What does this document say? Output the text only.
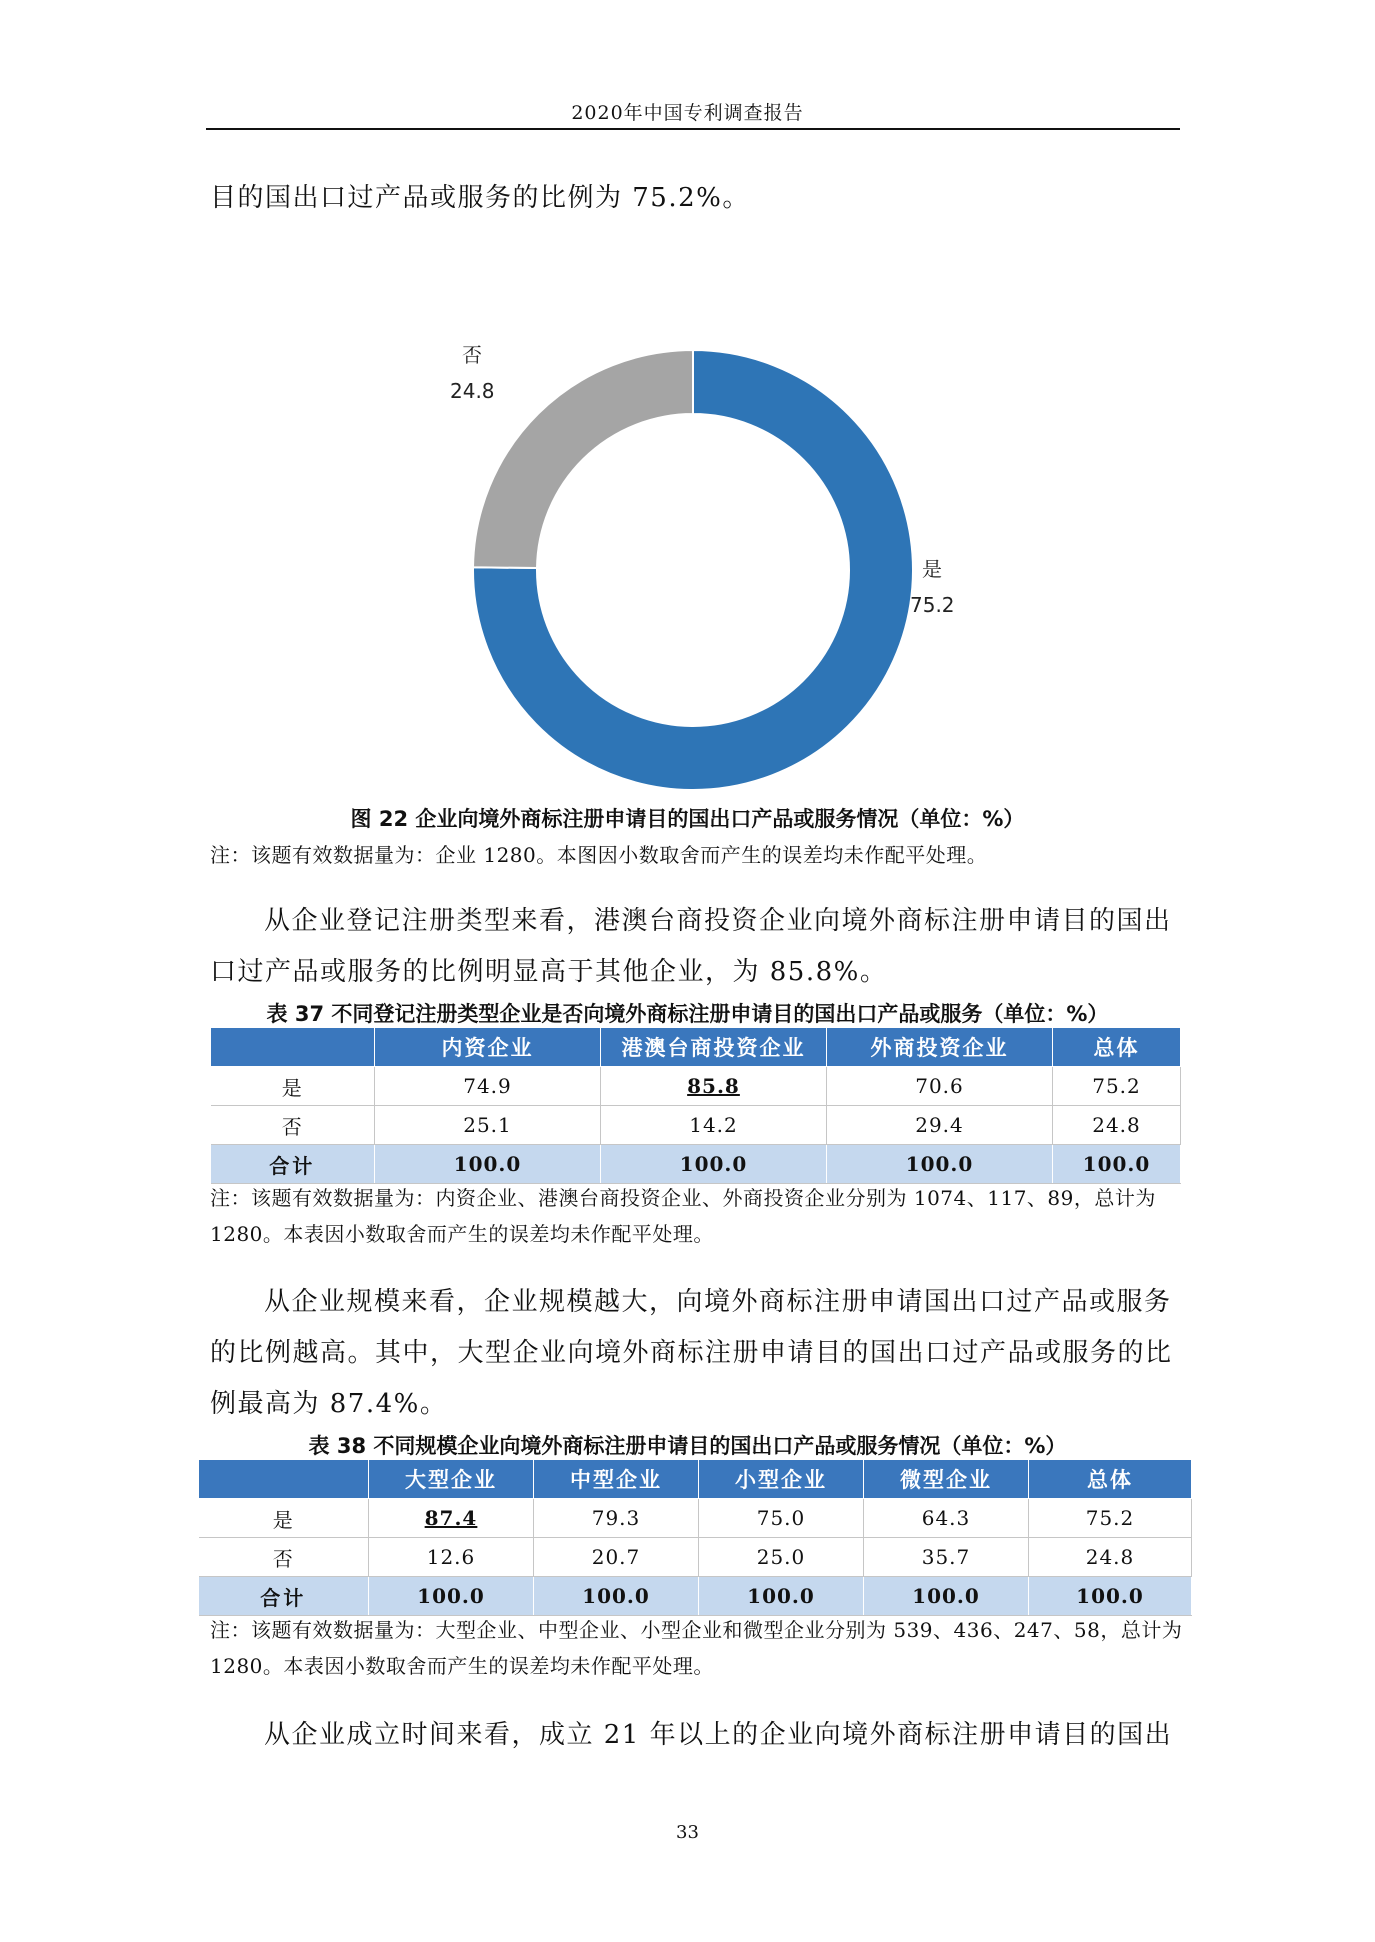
2020年中国专利调查报告

目的国出口过产品或服务的比例为 75.2%。

是
75.2
否
24.8

图 22 企业向境外商标注册申请目的国出口产品或服务情况（单位：%）

注：该题有效数据量为：企业 1280。本图因小数取舍而产生的误差均未作配平处理。

从企业登记注册类型来看，港澳台商投资企业向境外商标注册申请目的国出口过产品或服务的比例明显高于其他企业，为 85.8%。

表 37 不同登记注册类型企业是否向境外商标注册申请目的国出口产品或服务（单位：%）

	内资企业	港澳台商投资企业	外商投资企业	总体
是	74.9	85.8	70.6	75.2
否	25.1	14.2	29.4	24.8
合计	100.0	100.0	100.0	100.0

注：该题有效数据量为：内资企业、港澳台商投资企业、外商投资企业分别为 1074、117、89，总计为 1280。本表因小数取舍而产生的误差均未作配平处理。

从企业规模来看，企业规模越大，向境外商标注册申请国出口过产品或服务的比例越高。其中，大型企业向境外商标注册申请目的国出口过产品或服务的比例最高为 87.4%。

表 38 不同规模企业向境外商标注册申请目的国出口产品或服务情况（单位：%）

	大型企业	中型企业	小型企业	微型企业	总体
是	87.4	79.3	75.0	64.3	75.2
否	12.6	20.7	25.0	35.7	24.8
合计	100.0	100.0	100.0	100.0	100.0

注：该题有效数据量为：大型企业、中型企业、小型企业和微型企业分别为 539、436、247、58，总计为 1280。本表因小数取舍而产生的误差均未作配平处理。

从企业成立时间来看，成立 21 年以上的企业向境外商标注册申请目的国出

33
